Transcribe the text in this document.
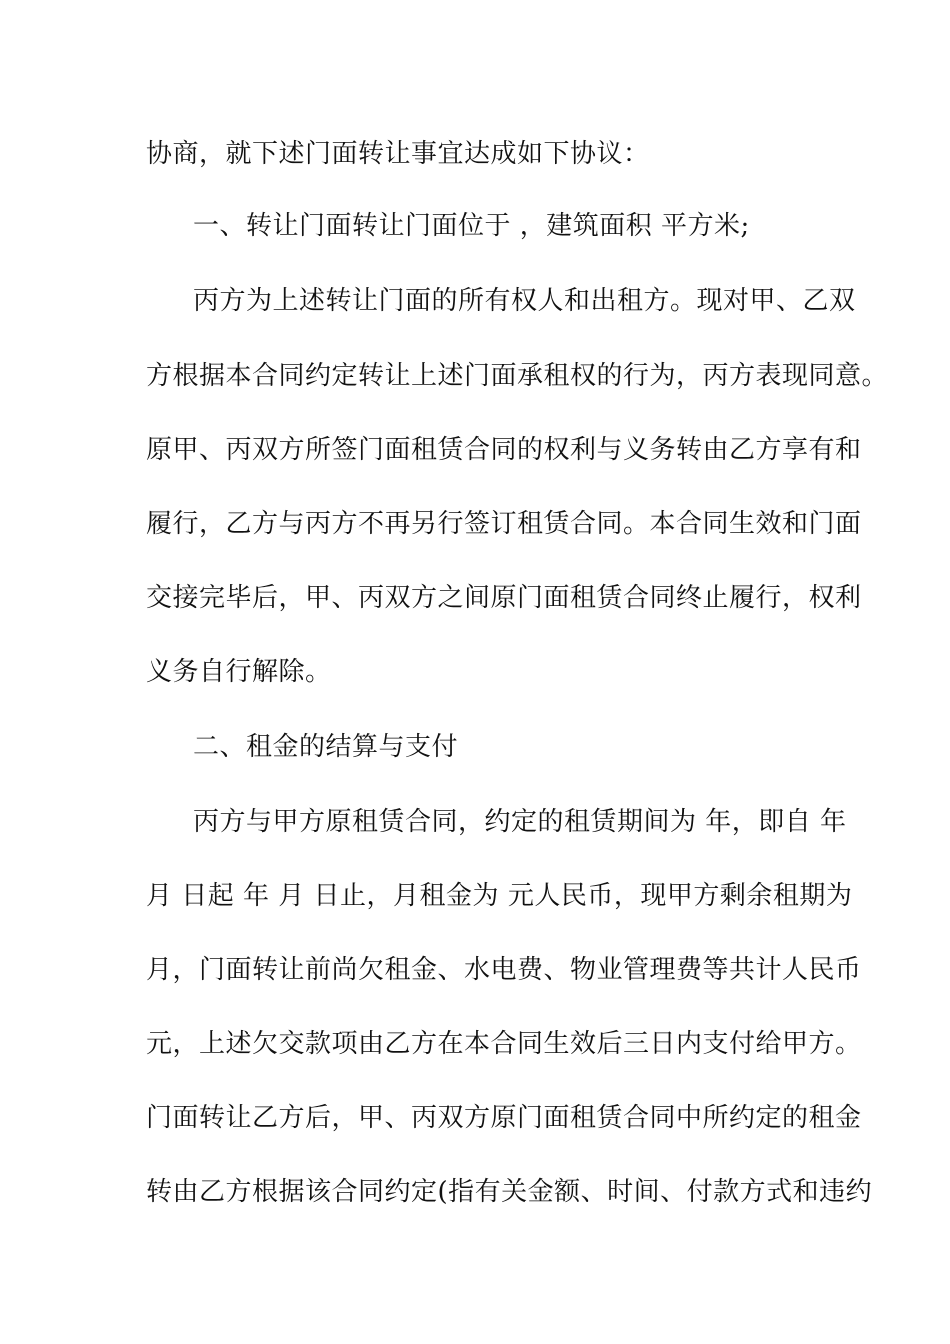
协商，就下述门面转让事宜达成如下协议：
一、转让门面转让门面位于 ，建筑面积 平方米;
丙方为上述转让门面的所有权人和出租方。现对甲、乙双
方根据本合同约定转让上述门面承租权的行为，丙方表现同意。
原甲、丙双方所签门面租赁合同的权利与义务转由乙方享有和
履行，乙方与丙方不再另行签订租赁合同。本合同生效和门面
交接完毕后，甲、丙双方之间原门面租赁合同终止履行，权利
义务自行解除。
二、租金的结算与支付
丙方与甲方原租赁合同，约定的租赁期间为 年，即自 年
月 日起 年 月 日止，月租金为 元人民币，现甲方剩余租期为
月，门面转让前尚欠租金、水电费、物业管理费等共计人民币
元，上述欠交款项由乙方在本合同生效后三日内支付给甲方。
门面转让乙方后，甲、丙双方原门面租赁合同中所约定的租金
转由乙方根据该合同约定(指有关金额、时间、付款方式和违约
